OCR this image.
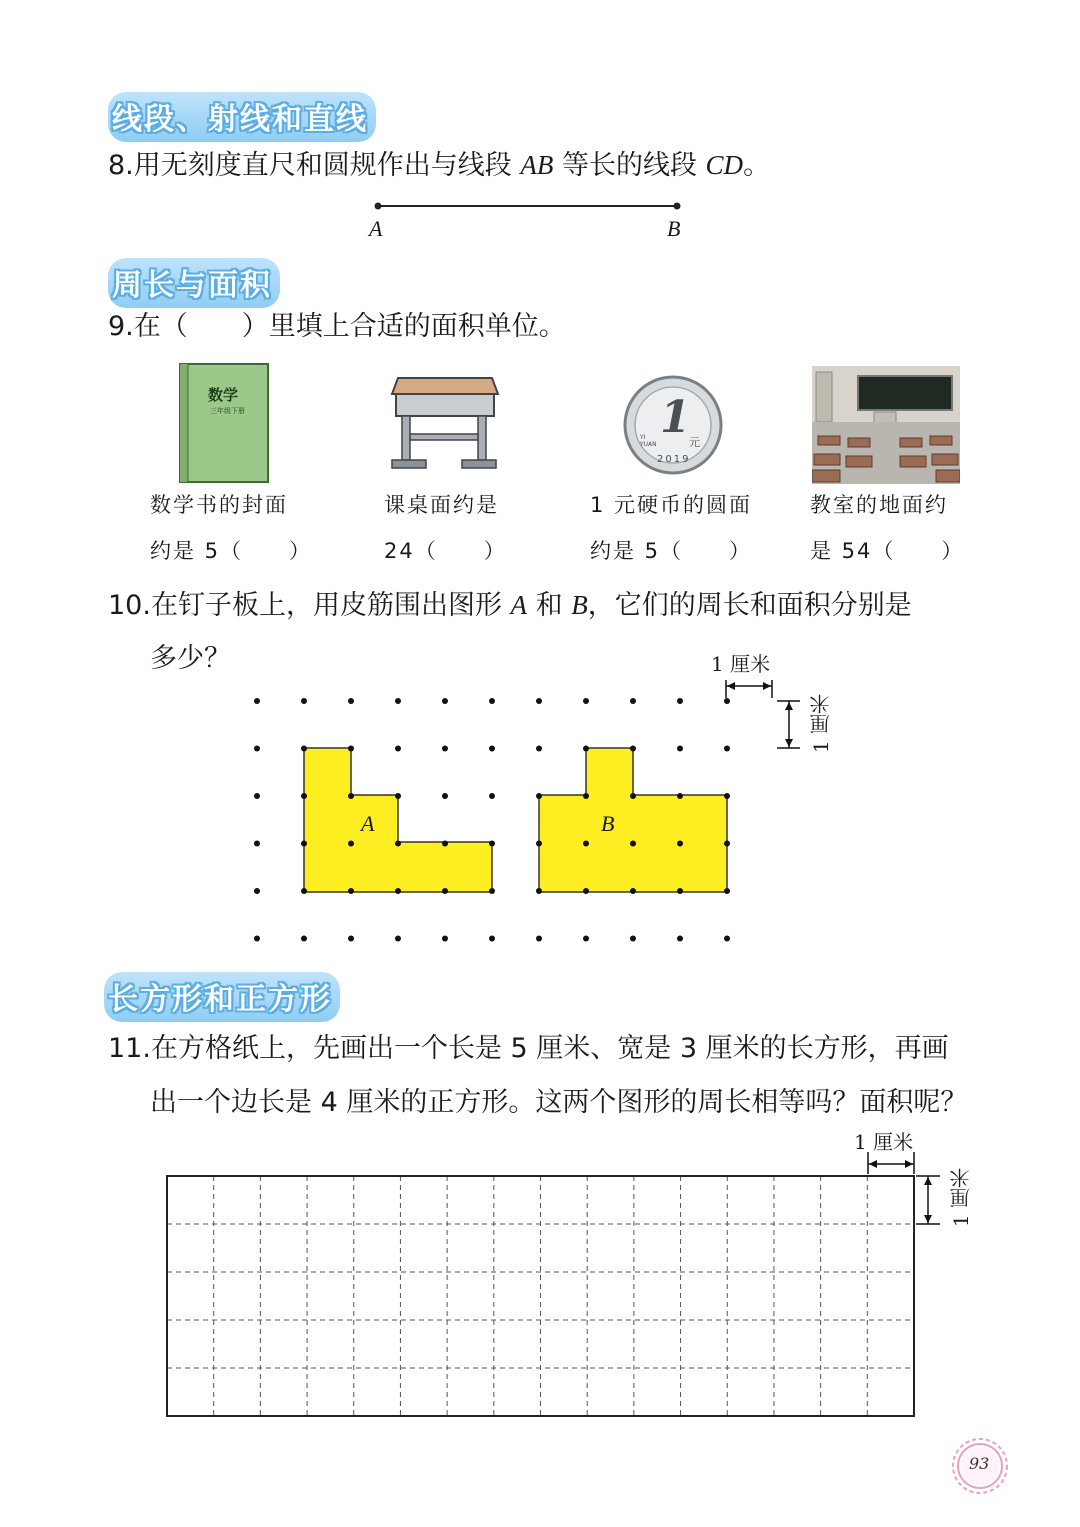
线段、射线和直线
8.用无刻度直尺和圆规作出与线段 AB 等长的线段 CD。
A	B
周长与面积
9.在（　　）里填上合适的面积单位。
数学
三年级下册	1
元
YI YUAN
2019
数学书的封面
约是 5（　　）
课桌面约是
24（　　）
1 元硬币的圆面
约是 5（　　）
教室的地面约
是 54（　　）
10.在钉子板上，用皮筋围出图形 A 和 B，它们的周长和面积分别是
多少？
A	B
1 厘米
1 厘米
长方形和正方形
11.在方格纸上，先画出一个长是 5 厘米、宽是 3 厘米的长方形，再画
出一个边长是 4 厘米的正方形。这两个图形的周长相等吗？面积呢？
1 厘米
1 厘米
93
